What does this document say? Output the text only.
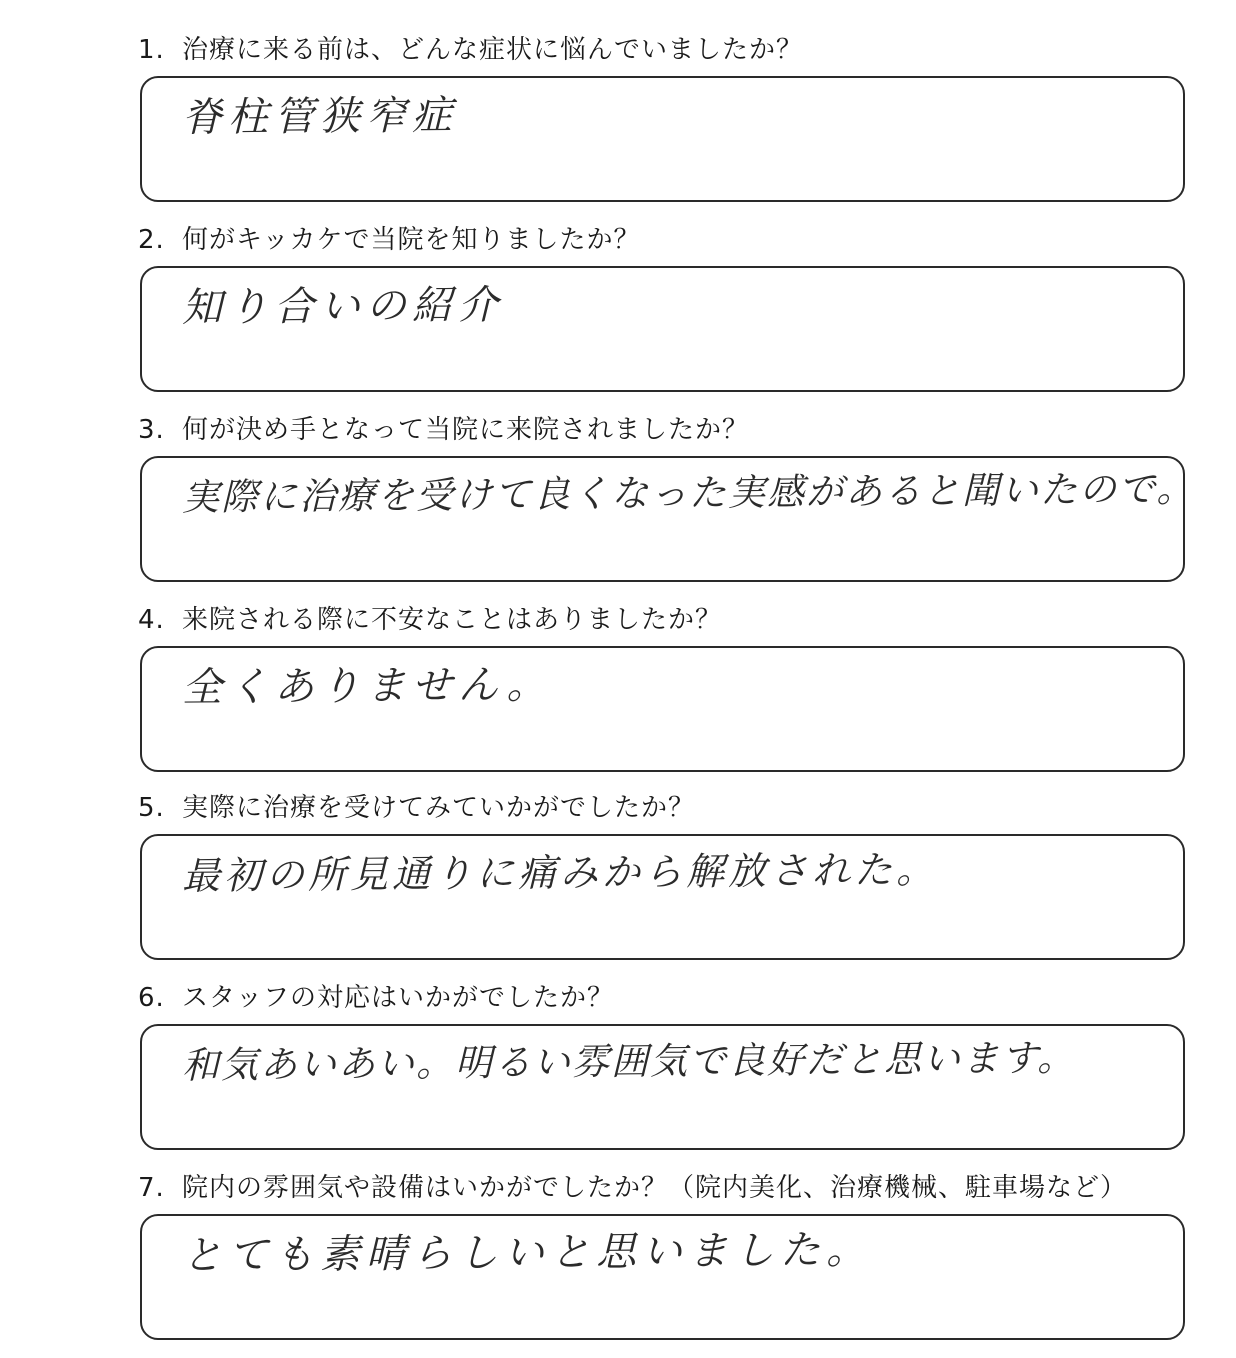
1. 治療に来る前は、どんな症状に悩んでいましたか？
脊柱管狭窄症
2. 何がキッカケで当院を知りましたか？
知り合いの紹介
3. 何が決め手となって当院に来院されましたか？
実際に治療を受けて良くなった実感があると聞いたので。
4. 来院される際に不安なことはありましたか？
全くありません。
5. 実際に治療を受けてみていかがでしたか？
最初の所見通りに痛みから解放された。
6. スタッフの対応はいかがでしたか？
和気あいあい。明るい雰囲気で良好だと思います。
7. 院内の雰囲気や設備はいかがでしたか？（院内美化、治療機械、駐車場など）
とても素晴らしいと思いました。
